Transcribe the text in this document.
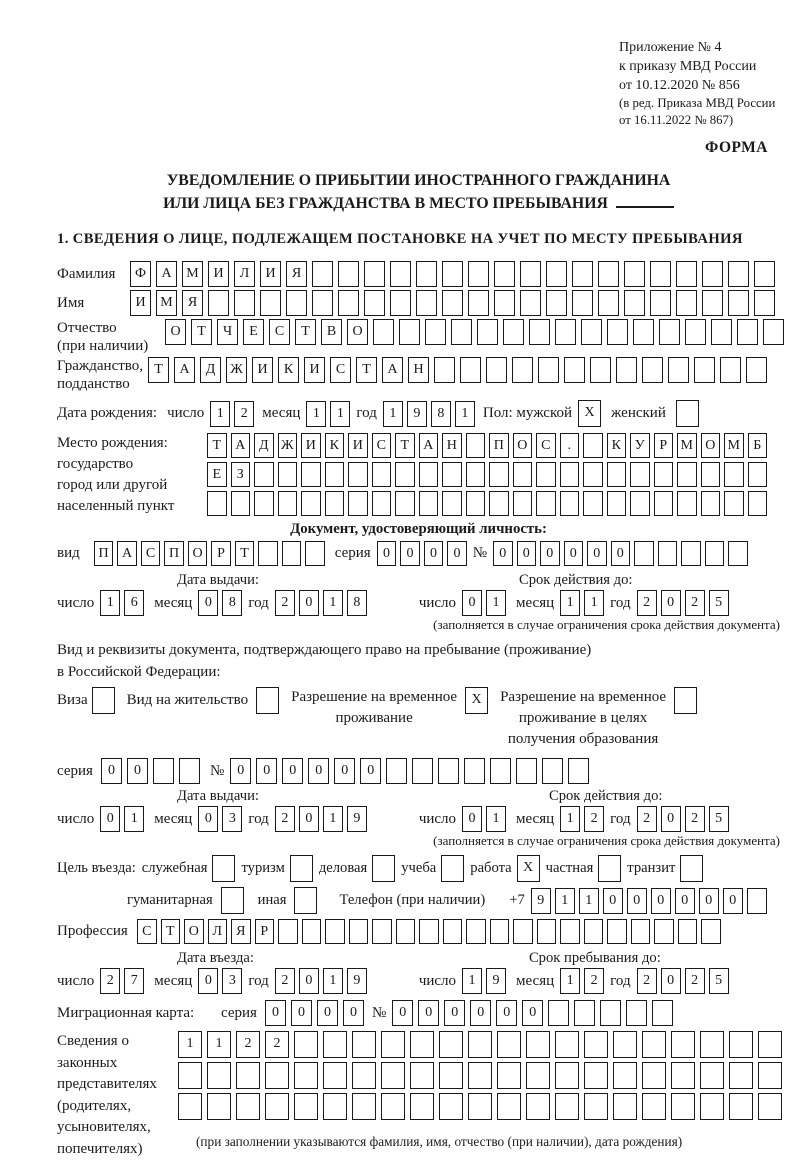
Приложение № 4
к приказу МВД России
от 10.12.2020 № 856
(в ред. Приказа МВД России
от 16.11.2022 № 867)
ФОРМА
УВЕДОМЛЕНИЕ О ПРИБЫТИИ ИНОСТРАННОГО ГРАЖДАНИНА
ИЛИ ЛИЦА БЕЗ ГРАЖДАНСТВА В МЕСТО ПРЕБЫВАНИЯ
1. СВЕДЕНИЯ О ЛИЦЕ, ПОДЛЕЖАЩЕМ ПОСТАНОВКЕ НА УЧЕТ ПО МЕСТУ ПРЕБЫВАНИЯ
Фамилия	Ф	А	М	И	Л	И	Я
Имя	И	М	Я
Отчество
(при наличии)
О	Т	Ч	Е	С	Т	В	О
Гражданство,
подданство
Т	А	Д	Ж	И	К	И	С	Т	А	Н
Дата рождения: число 1	2 месяц 1	1 год 1	9	8	1 Пол: мужской X	женский
Место рождения:
государство
город или другой
населенный пункт
Т	А Д Ж И К И С	Т	А Н	П О С	.	К У	Р М О М Б
Е	З
Документ, удостоверяющий личность:
вид	П А С П О	Р	Т	серия 0	0	0	0 № 0	0	0	0	0	0
Дата выдачи:	Срок действия до:
число 1	6	месяц 0	8 год 2	0	1	8	число 0	1	месяц 1	1 год 2	0	2	5
(заполняется в случае ограничения срока действия документа)
Вид и реквизиты документа, подтверждающего право на пребывание (проживание)
в Российской Федерации:
Виза	Вид на жительство	Разрешение на временное
проживание
X	Разрешение на временное
проживание в целях
получения образования
серия	0	0	№ 0	0	0	0	0	0
Дата выдачи:	Срок действия до:
число 0	1	месяц 0	3 год 2	0	1	9	число 0	1	месяц 1	2 год 2	0	2	5
(заполняется в случае ограничения срока действия документа)
Цель въезда: служебная туризм деловая учеба работа X частная транзит
гуманитарная	иная	Телефон (при наличии) +7 9	1	1	0	0	0	0	0	0
Профессия	С	Т	О Л	Я	Р
Дата въезда:	Срок пребывания до:
число 2	7	месяц 0	3 год 2	0	1	9	число 1	9	месяц 1	2 год 2	0	2	5
Миграционная карта:	серия	0	0	0	0	№ 0	0	0	0	0	0
Сведения о
законных
представителях
(родителях,
усыновителях,
попечителях)
1	1	2	2
(при заполнении указываются фамилия, имя, отчество (при наличии), дата рождения)
